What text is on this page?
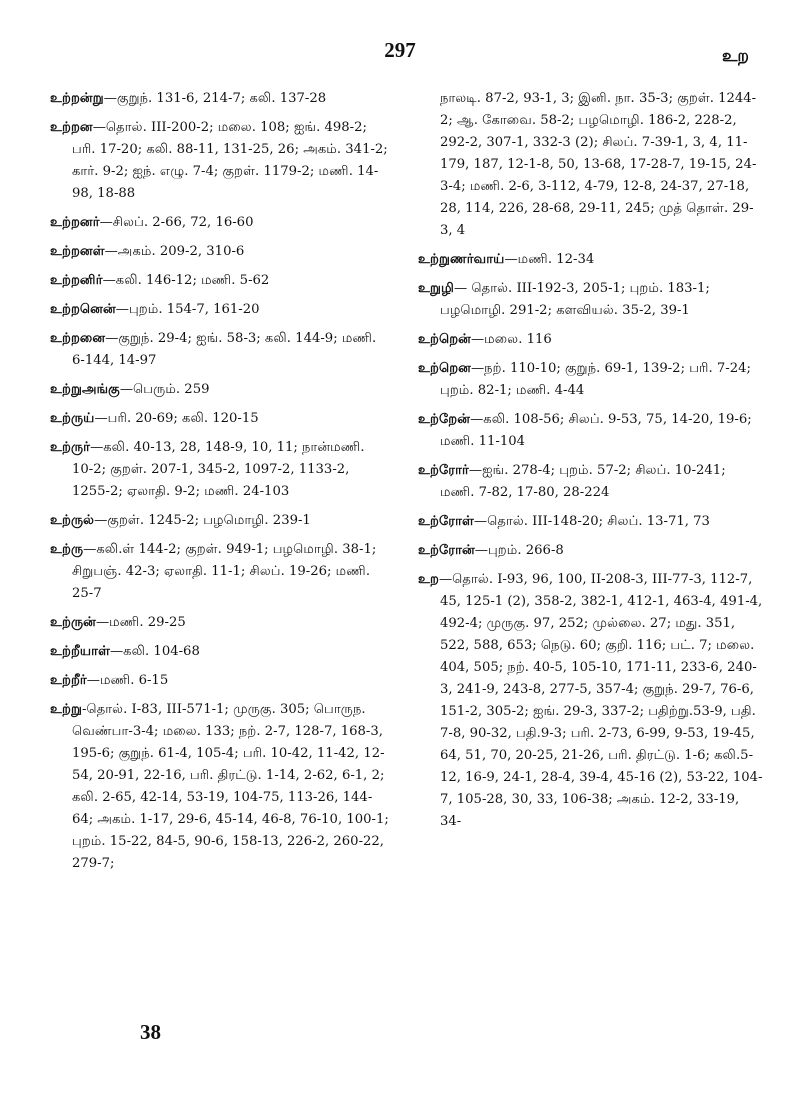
297	உற
உற்றன்று—குறுந். 131-6, 214-7; கலி. 137-28
உற்றன—தொல். III-200-2; மலை. 108; ஐங். 498-2; பரி. 17-20; கலி. 88-11, 131-25, 26; அகம். 341-2; கார். 9-2; ஐந். எழு. 7-4; குறள். 1179-2; மணி. 14-98, 18-88
உற்றனர்—சிலப். 2-66, 72, 16-60
உற்றனள்—அகம். 209-2, 310-6
உற்றனிர்—கலி. 146-12; மணி. 5-62
உற்றனென்—புறம். 154-7, 161-20
உற்றனை—குறுந். 29-4; ஐங். 58-3; கலி. 144-9; மணி. 6-144, 14-97
உற்றுஅங்கு—பெரும். 259
உற்ருய்—பரி. 20-69; கலி. 120-15
உற்ருர்—கலி. 40-13, 28, 148-9, 10, 11; நான்மணி. 10-2; குறள். 207-1, 345-2, 1097-2, 1133-2, 1255-2; ஏலாதி. 9-2; மணி. 24-103
உற்ருல்—குறள். 1245-2; பழமொழி. 239-1
உற்ரு—கலி.ள் 144-2; குறள். 949-1; பழமொழி. 38-1; சிறுபஞ். 42-3; ஏலாதி. 11-1; சிலப். 19-26; மணி. 25-7
உற்ருன்—மணி. 29-25
உற்றீயாள்—கலி. 104-68
உற்றீர்—மணி. 6-15
உற்று-தொல். I-83, III-571-1; முருகு. 305; பொருந. வெண்பா-3-4; மலை. 133; நற். 2-7, 128-7, 168-3, 195-6; குறுந். 61-4, 105-4; பரி. 10-42, 11-42, 12-54, 20-91, 22-16, பரி. திரட்டு. 1-14, 2-62, 6-1, 2; கலி. 2-65, 42-14, 53-19, 104-75, 113-26, 144-64; அகம். 1-17, 29-6, 45-14, 46-8, 76-10, 100-1; புறம். 15-22, 84-5, 90-6, 158-13, 226-2, 260-22, 279-7;
நாலடி. 87-2, 93-1, 3; இனி. நா. 35-3; குறள். 1244-2; ஆ. கோவை. 58-2; பழமொழி. 186-2, 228-2, 292-2, 307-1, 332-3 (2); சிலப். 7-39-1, 3, 4, 11-179, 187, 12-1-8, 50, 13-68, 17-28-7, 19-15, 24-3-4; மணி. 2-6, 3-112, 4-79, 12-8, 24-37, 27-18, 28, 114, 226, 28-68, 29-11, 245; முத் தொள். 29-3, 4
உற்றுணர்வாய்—மணி. 12-34
உறுழி— தொல். III-192-3, 205-1; புறம். 183-1; பழமொழி. 291-2; களவியல். 35-2, 39-1
உற்றென்—மலை. 116
உற்றென—நற். 110-10; குறுந். 69-1, 139-2; பரி. 7-24; புறம். 82-1; மணி. 4-44
உற்றேன்—கலி. 108-56; சிலப். 9-53, 75, 14-20, 19-6; மணி. 11-104
உற்ரோர்—ஐங். 278-4; புறம். 57-2; சிலப். 10-241; மணி. 7-82, 17-80, 28-224
உற்ரோள்—தொல். III-148-20; சிலப். 13-71, 73
உற்ரோன்—புறம். 266-8
உற—தொல். I-93, 96, 100, II-208-3, III-77-3, 112-7, 45, 125-1 (2), 358-2, 382-1, 412-1, 463-4, 491-4, 492-4; முருகு. 97, 252; முல்லை. 27; மது. 351, 522, 588, 653; நெடு. 60; குறி. 116; பட். 7; மலை. 404, 505; நற். 40-5, 105-10, 171-11, 233-6, 240-3, 241-9, 243-8, 277-5, 357-4; குறுந். 29-7, 76-6, 151-2, 305-2; ஐங். 29-3, 337-2; பதிற்று.53-9, பதி. 7-8, 90-32, பதி.9-3; பரி. 2-73, 6-99, 9-53, 19-45, 64, 51, 70, 20-25, 21-26, பரி. திரட்டு. 1-6; கலி.5-12, 16-9, 24-1, 28-4, 39-4, 45-16 (2), 53-22, 104-7, 105-28, 30, 33, 106-38; அகம். 12-2, 33-19, 34-
38
